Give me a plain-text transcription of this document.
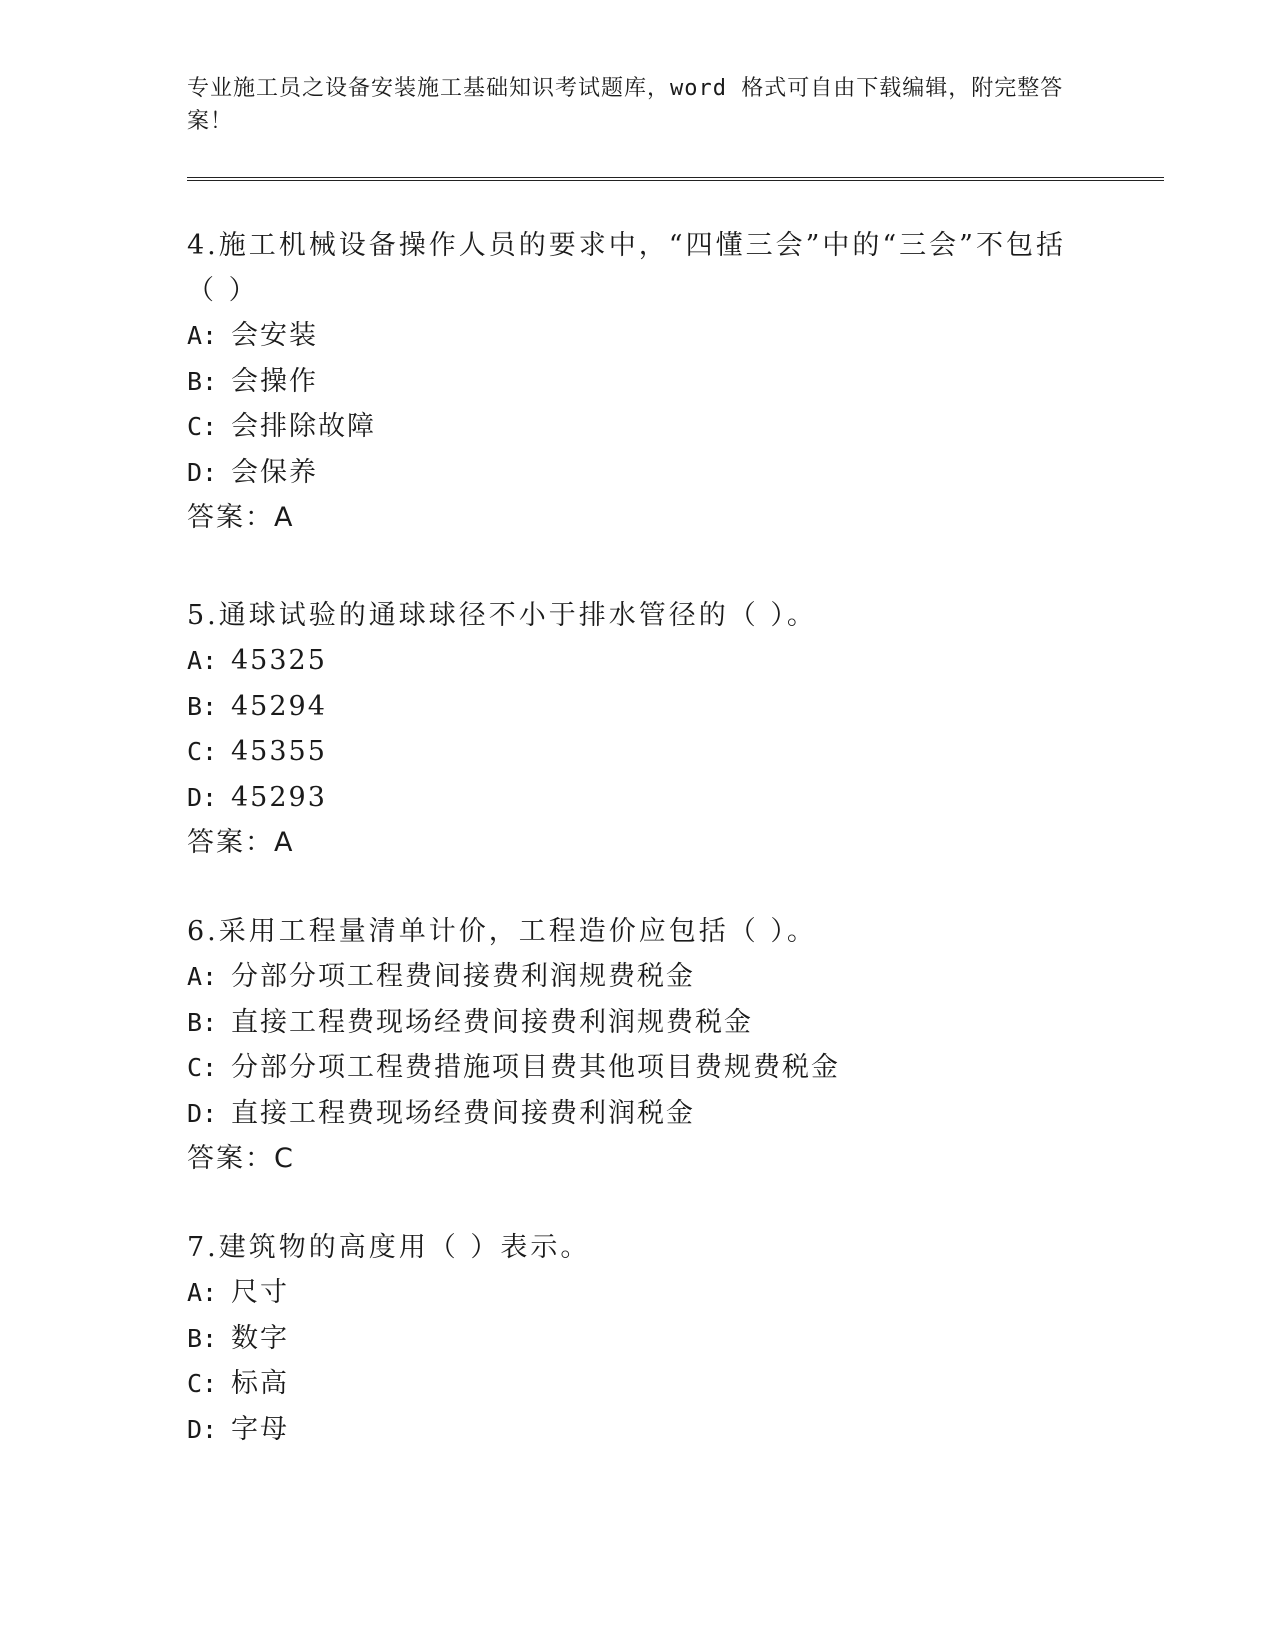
专业施工员之设备安装施工基础知识考试题库，word 格式可自由下载编辑，附完整答案！

4.施工机械设备操作人员的要求中，“四懂三会”中的“三会”不包括（ ）

A: 会安装
B: 会操作
C: 会排除故障
D: 会保养
答案：A

5.通球试验的通球球径不小于排水管径的（ ）。

A: 45325
B: 45294
C: 45355
D: 45293
答案：A

6.采用工程量清单计价，工程造价应包括（ ）。

A: 分部分项工程费间接费利润规费税金
B: 直接工程费现场经费间接费利润规费税金
C: 分部分项工程费措施项目费其他项目费规费税金
D: 直接工程费现场经费间接费利润税金
答案：C

7.建筑物的高度用（ ）表示。

A: 尺寸
B: 数字
C: 标高
D: 字母
